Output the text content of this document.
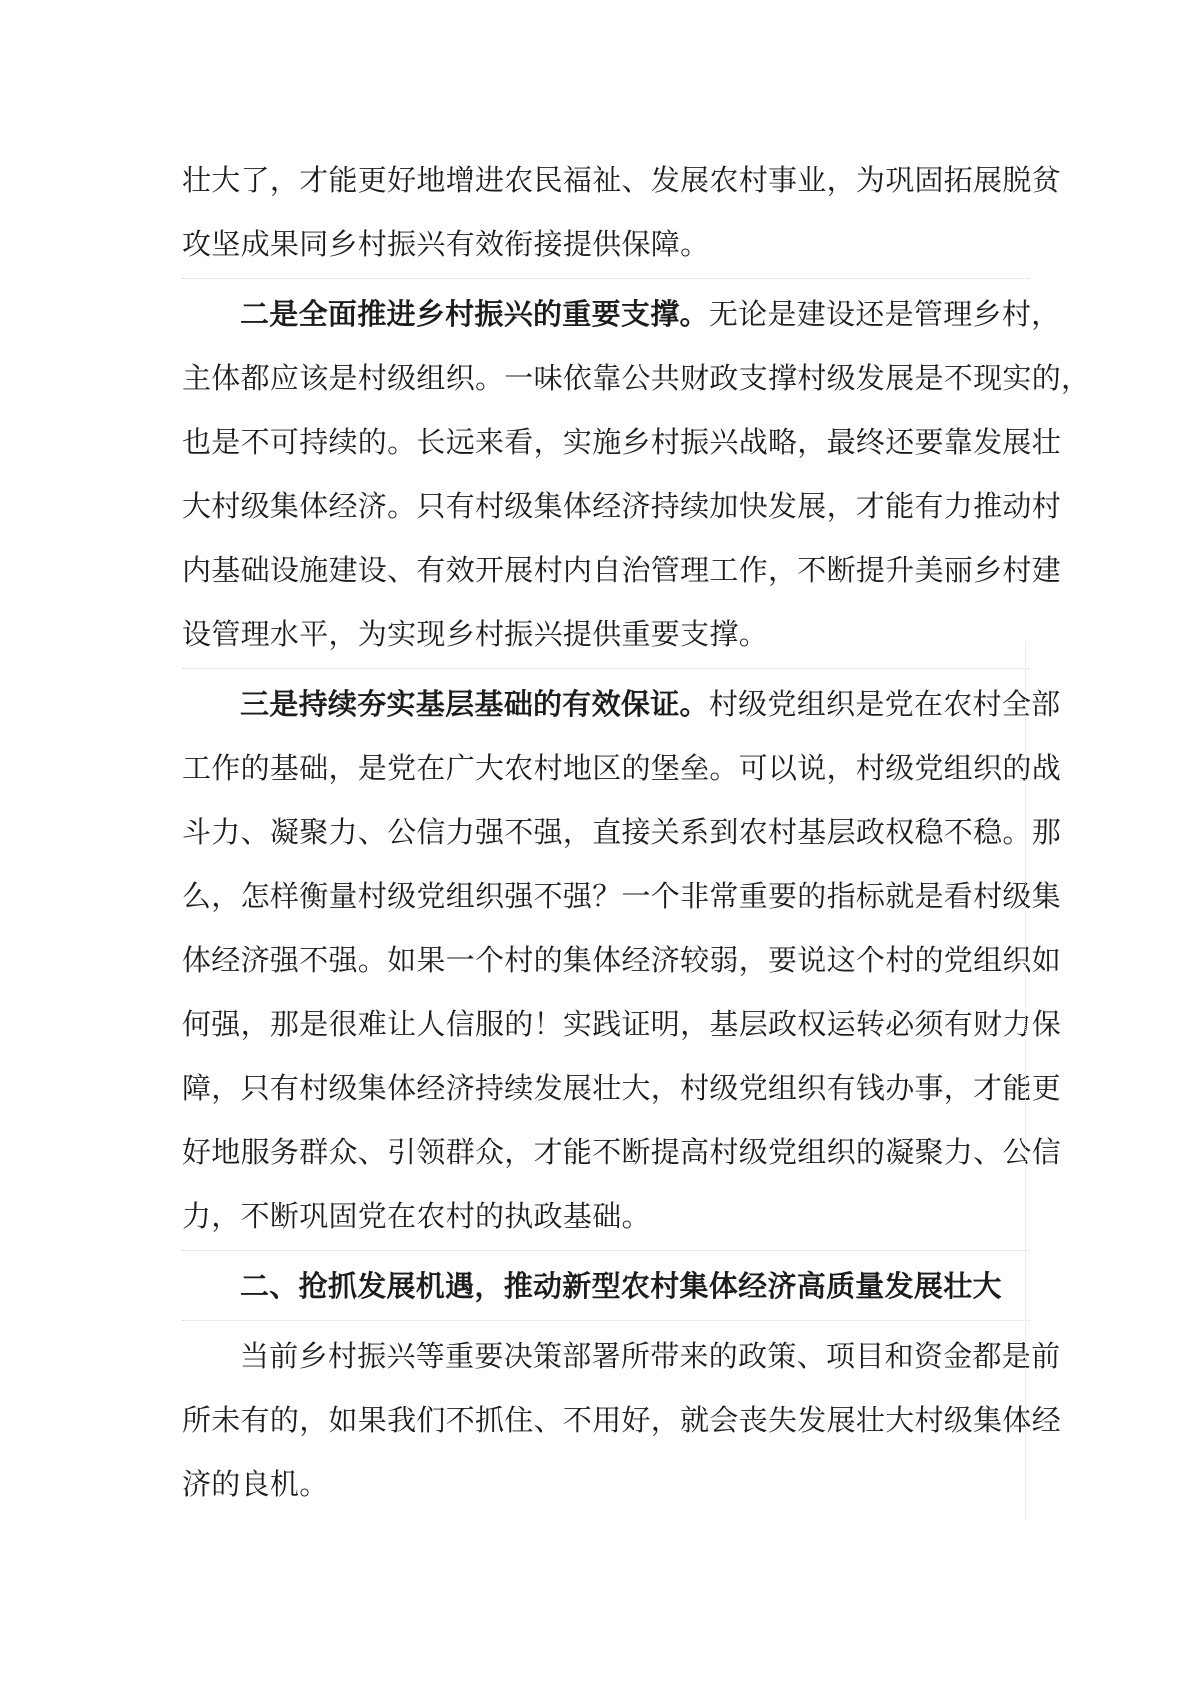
壮大了，才能更好地增进农民福祉、发展农村事业，为巩固拓展脱贫
攻坚成果同乡村振兴有效衔接提供保障。
二是全面推进乡村振兴的重要支撑。无论是建设还是管理乡村，
主体都应该是村级组织。一味依靠公共财政支撑村级发展是不现实的，
也是不可持续的。长远来看，实施乡村振兴战略，最终还要靠发展壮
大村级集体经济。只有村级集体经济持续加快发展，才能有力推动村
内基础设施建设、有效开展村内自治管理工作，不断提升美丽乡村建
设管理水平，为实现乡村振兴提供重要支撑。
三是持续夯实基层基础的有效保证。村级党组织是党在农村全部
工作的基础，是党在广大农村地区的堡垒。可以说，村级党组织的战
斗力、凝聚力、公信力强不强，直接关系到农村基层政权稳不稳。那
么，怎样衡量村级党组织强不强？一个非常重要的指标就是看村级集
体经济强不强。如果一个村的集体经济较弱，要说这个村的党组织如
何强，那是很难让人信服的！实践证明，基层政权运转必须有财力保
障，只有村级集体经济持续发展壮大，村级党组织有钱办事，才能更
好地服务群众、引领群众，才能不断提高村级党组织的凝聚力、公信
力，不断巩固党在农村的执政基础。
二、抢抓发展机遇，推动新型农村集体经济高质量发展壮大
当前乡村振兴等重要决策部署所带来的政策、项目和资金都是前
所未有的，如果我们不抓住、不用好，就会丧失发展壮大村级集体经
济的良机。
